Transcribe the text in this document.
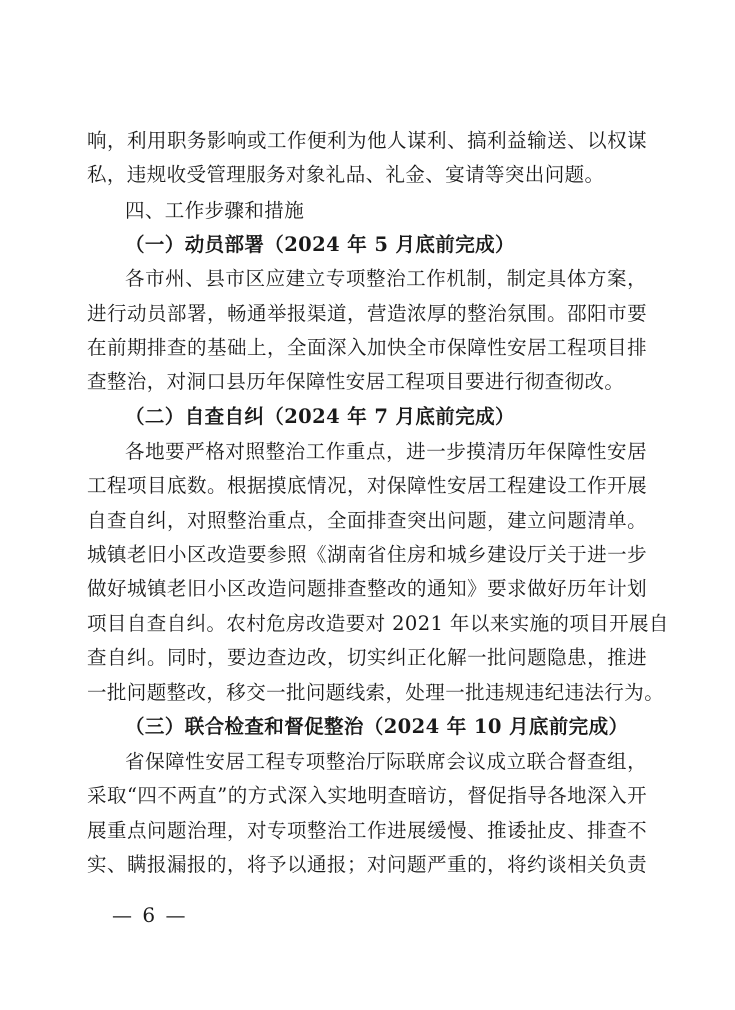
响，利用职务影响或工作便利为他人谋利、搞利益输送、以权谋
私，违规收受管理服务对象礼品、礼金、宴请等突出问题。
四、工作步骤和措施
（一）动员部署（2024 年 5 月底前完成）
各市州、县市区应建立专项整治工作机制，制定具体方案，
进行动员部署，畅通举报渠道，营造浓厚的整治氛围。邵阳市要
在前期排查的基础上，全面深入加快全市保障性安居工程项目排
查整治，对洞口县历年保障性安居工程项目要进行彻查彻改。
（二）自查自纠（2024 年 7 月底前完成）
各地要严格对照整治工作重点，进一步摸清历年保障性安居
工程项目底数。根据摸底情况，对保障性安居工程建设工作开展
自查自纠，对照整治重点，全面排查突出问题，建立问题清单。
城镇老旧小区改造要参照《湖南省住房和城乡建设厅关于进一步
做好城镇老旧小区改造问题排查整改的通知》要求做好历年计划
项目自查自纠。农村危房改造要对 2021 年以来实施的项目开展自
查自纠。同时，要边查边改，切实纠正化解一批问题隐患，推进
一批问题整改，移交一批问题线索，处理一批违规违纪违法行为。
（三）联合检查和督促整治（2024 年 10 月底前完成）
省保障性安居工程专项整治厅际联席会议成立联合督查组，
采取“四不两直”的方式深入实地明查暗访，督促指导各地深入开
展重点问题治理，对专项整治工作进展缓慢、推诿扯皮、排查不
实、瞒报漏报的，将予以通报；对问题严重的，将约谈相关负责
— 6 —
